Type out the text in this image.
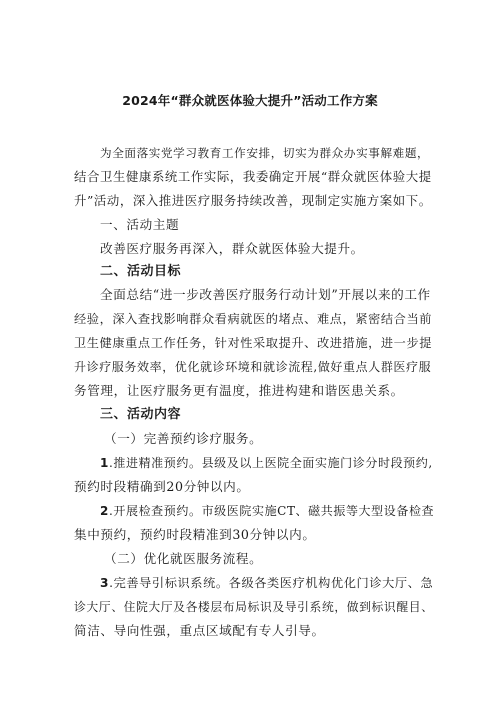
2024年“群众就医体验大提升”活动工作方案
为全面落实党学习教育工作安排，切实为群众办实事解难题，
结合卫生健康系统工作实际，我委确定开展“群众就医体验大提
升”活动，深入推进医疗服务持续改善，现制定实施方案如下。
一、活动主题
改善医疗服务再深入，群众就医体验大提升。
二、活动目标
全面总结“进一步改善医疗服务行动计划”开展以来的工作
经验，深入查找影响群众看病就医的堵点、难点，紧密结合当前
卫生健康重点工作任务，针对性采取提升、改进措施，进一步提
升诊疗服务效率，优化就诊环境和就诊流程,做好重点人群医疗服
务管理，让医疗服务更有温度，推进构建和谐医患关系。
三、活动内容
（一）完善预约诊疗服务。
1.推进精准预约。县级及以上医院全面实施门诊分时段预约,
预约时段精确到20分钟以内。
2.开展检查预约。市级医院实施CT、磁共振等大型设备检查
集中预约，预约时段精准到30分钟以内。
（二）优化就医服务流程。
3.完善导引标识系统。各级各类医疗机构优化门诊大厅、急
诊大厅、住院大厅及各楼层布局标识及导引系统，做到标识醒目、
简洁、导向性强，重点区域配有专人引导。
